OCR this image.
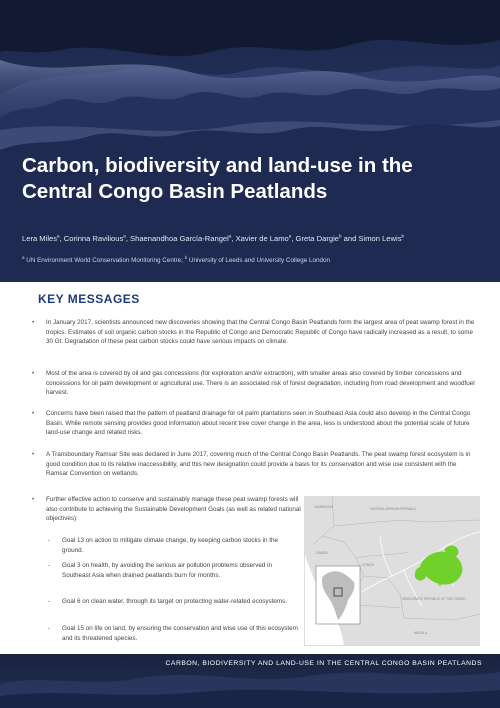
Carbon, biodiversity and land-use in the
Central Congo Basin Peatlands
Lera Miles$^a$, Corinna Ravilious$^a$, Shaenandhoa García-Rangel$^a$, Xavier de Lamo$^a$, Greta Dargie$^b$ and Simon Lewis$^b$
$^a$ UN Environment World Conservation Monitoring Centre; $^b$ University of Leeds and University College London
KEY MESSAGES
• In January 2017, scientists announced new discoveries showing that the Central Congo Basin Peatlands form the largest area of peat swamp forest in the tropics. Estimates of soil organic carbon stocks in the Republic of Congo and Democratic Republic of Congo have radically increased as a result, to some 30 Gt. Degradation of these peat carbon stocks could have serious impacts on climate.
• Most of the area is covered by oil and gas concessions (for exploration and/or extraction), with smaller areas also covered by timber concessions and concessions for oil palm development or agricultural use. There is an associated risk of forest degradation, including from road development and woodfuel harvest.
• Concerns have been raised that the pattern of peatland drainage for oil palm plantations seen in Southeast Asia could also develop in the Central Congo Basin. While remote sensing provides good information about recent tree cover change in the area, less is understood about the potential scale of future land-use change and related risks.
• A Transboundary Ramsar Site was declared in June 2017, covering much of the Central Congo Basin Peatlands. The peat swamp forest ecosystem is in good condition due to its relative inaccessibility, and this new designation could provide a basis for its conservation and wise use consistent with the Ramsar Convention on wetlands.
• Further effective action to conserve and sustainably manage these peat swamp forests will also contribute to achieving the Sustainable Development Goals (as well as related national objectives):
- Goal 13 on action to mitigate climate change, by keeping carbon stocks in the ground.
- Goal 3 on health, by avoiding the serious air pollution problems observed in Southeast Asia when drained peatlands burn for months.
- Goal 6 on clean water, through its target on protecting water-related ecosystems.
- Goal 15 on life on land, by ensuring the conservation and wise use of this ecosystem and its threatened species.
CAMEROON	CENTRAL AFRICAN REPUBLIC
GABON
CONGO
DEMOCRATIC REPUBLIC OF THE CONGO
ANGOLA
CARBON, BIODIVERSITY AND LAND-USE IN THE CENTRAL CONGO BASIN PEATLANDS
